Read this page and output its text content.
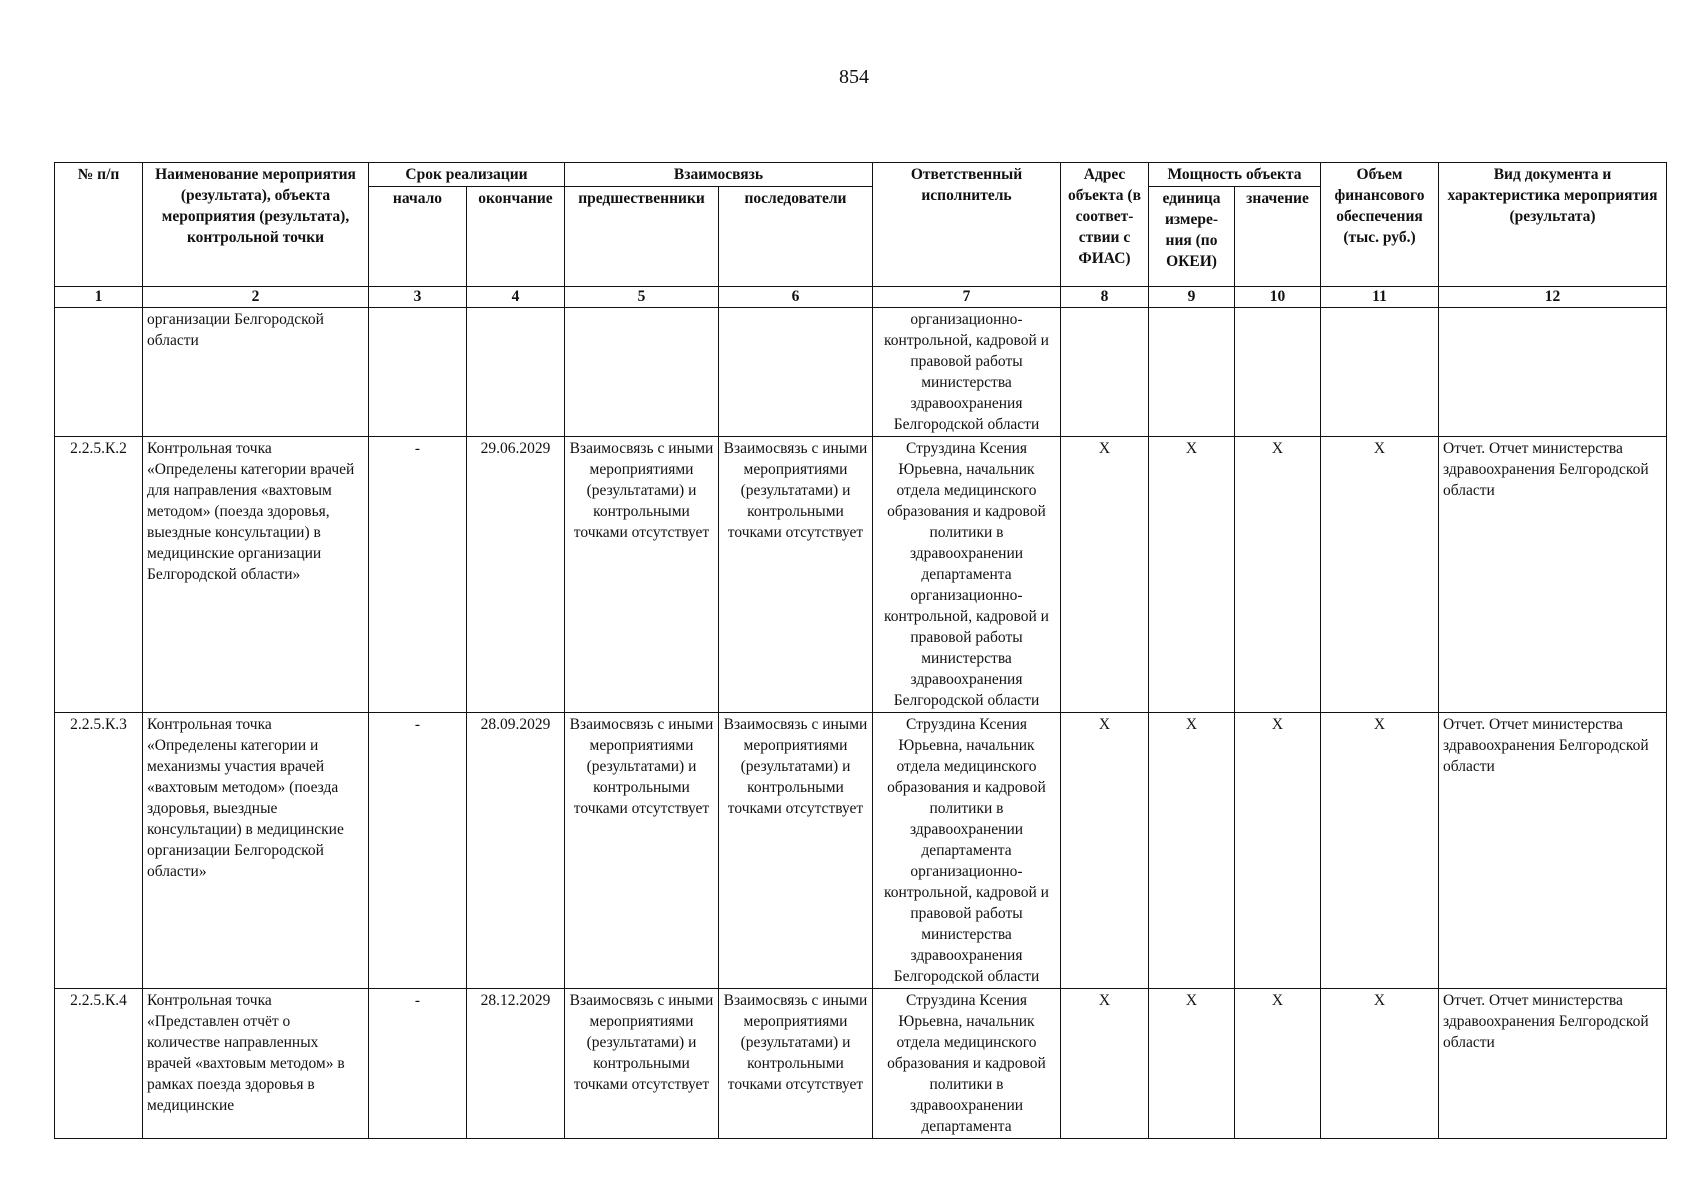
854
№ п/п	Наименование мероприятия (результата), объекта мероприятия (результата), контрольной точки	Срок реализации		Взаимосвязь		Ответственный исполнитель	Адрес объекта (в соответ-ствии с ФИАС)	Мощность объекта		Объем финансового обеспечения (тыс. руб.)	Вид документа и характеристика мероприятия (результата)
		начало	окончание	предшественники	последователи			единица измере-ния (по ОКЕИ)	значение		
1	2	3	4	5	6	7	8	9	10	11	12
	организации Белгородской области					организационно-контрольной, кадровой и правовой работы министерства здравоохранения Белгородской области					
2.2.5.К.2	Контрольная точка «Определены категории врачей для направления «вахтовым методом» (поезда здоровья, выездные консультации) в медицинские организации Белгородской области»	-	29.06.2029	Взаимосвязь с иными мероприятиями (результатами) и контрольными точками отсутствует	Взаимосвязь с иными мероприятиями (результатами) и контрольными точками отсутствует	Струздина Ксения Юрьевна, начальник отдела медицинского образования и кадровой политики в здравоохранении департамента организационно-контрольной, кадровой и правовой работы министерства здравоохранения Белгородской области	X	X	X	X	Отчет. Отчет министерства здравоохранения Белгородской области
2.2.5.К.3	Контрольная точка «Определены категории и механизмы участия врачей «вахтовым методом» (поезда здоровья, выездные консультации) в медицинские организации Белгородской области»	-	28.09.2029	Взаимосвязь с иными мероприятиями (результатами) и контрольными точками отсутствует	Взаимосвязь с иными мероприятиями (результатами) и контрольными точками отсутствует	Струздина Ксения Юрьевна, начальник отдела медицинского образования и кадровой политики в здравоохранении департамента организационно-контрольной, кадровой и правовой работы министерства здравоохранения Белгородской области	X	X	X	X	Отчет. Отчет министерства здравоохранения Белгородской области
2.2.5.К.4	Контрольная точка «Представлен отчёт о количестве направленных врачей «вахтовым методом» в рамках поезда здоровья в медицинские	-	28.12.2029	Взаимосвязь с иными мероприятиями (результатами) и контрольными точками отсутствует	Взаимосвязь с иными мероприятиями (результатами) и контрольными точками отсутствует	Струздина Ксения Юрьевна, начальник отдела медицинского образования и кадровой политики в здравоохранении департамента	X	X	X	X	Отчет. Отчет министерства здравоохранения Белгородской области
